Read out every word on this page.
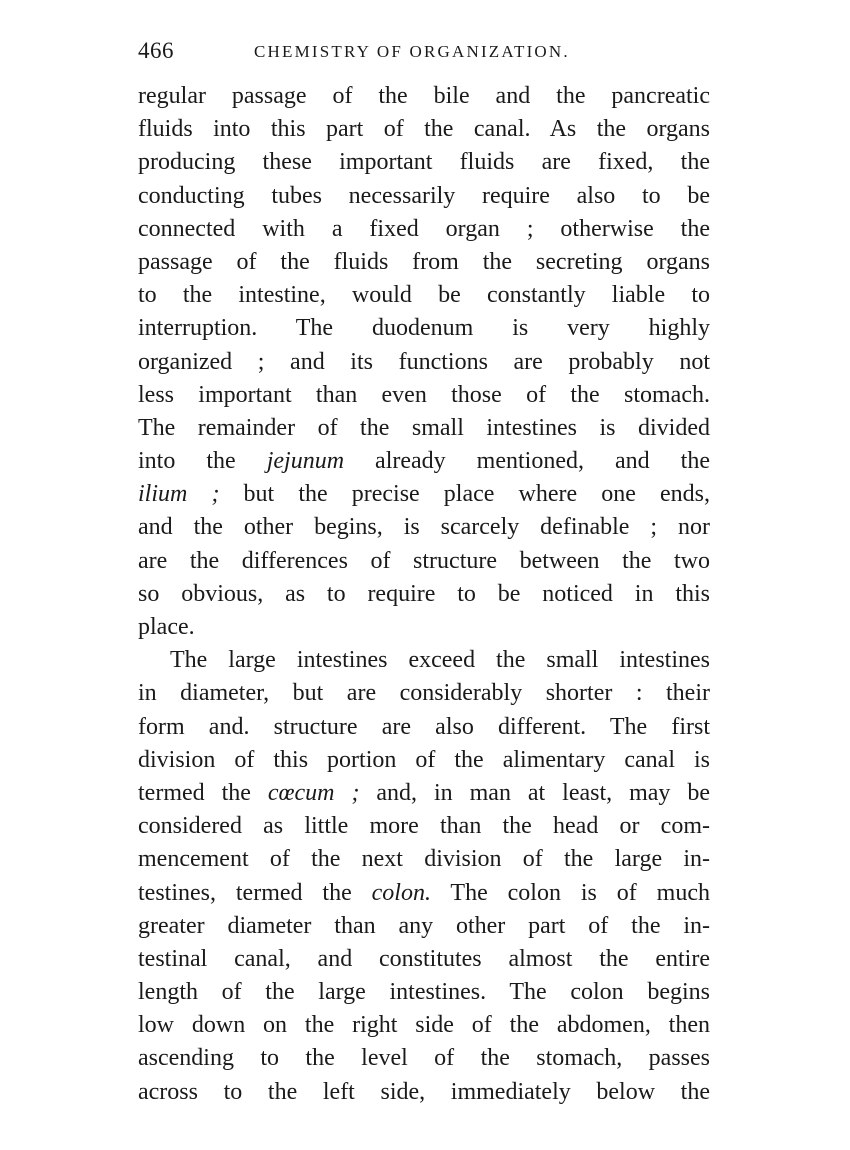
466	CHEMISTRY OF ORGANIZATION.
regular passage of the bile and the pancreatic
fluids into this part of the canal. As the organs
producing these important fluids are fixed, the
conducting tubes necessarily require also to be
connected with a fixed organ ; otherwise the
passage of the fluids from the secreting organs
to the intestine, would be constantly liable to
interruption. The duodenum is very highly
organized ; and its functions are probably not
less important than even those of the stomach.
The remainder of the small intestines is divided
into the jejunum already mentioned, and the
ilium ; but the precise place where one ends,
and the other begins, is scarcely definable ; nor
are the differences of structure between the two
so obvious, as to require to be noticed in this
place.
The large intestines exceed the small intestines
in diameter, but are considerably shorter : their
form and. structure are also different. The first
division of this portion of the alimentary canal is
termed the cœcum ; and, in man at least, may be
considered as little more than the head or com-
mencement of the next division of the large in-
testines, termed the colon. The colon is of much
greater diameter than any other part of the in-
testinal canal, and constitutes almost the entire
length of the large intestines. The colon begins
low down on the right side of the abdomen, then
ascending to the level of the stomach, passes
across to the left side, immediately below the
